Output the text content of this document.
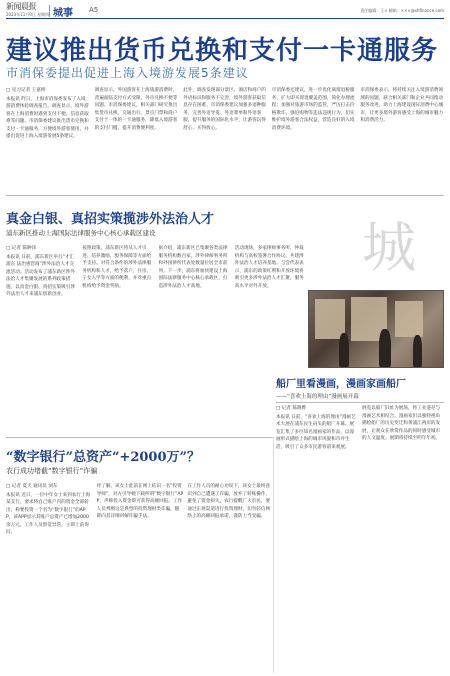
新闻晨报
2023年11月9日 星期四 城事 A5	责任编辑：王× 邮箱：×××@shfinance.com
建议推出货币兑换和支付一卡通服务
市消保委提出促进上海入境游发展5条建议
□ 见习记者 王嘉纳
本报讯 昨日，上海市消保委发布了入境游消费体验调查报告。调查显示，境外游客在上海消费时遇到支付不便、信息获取难等问题。市消保委建议推出货币兑换和支付一卡通服务，方便境外游客使用，并提出促进上海入境游发展5条建议。
调查显示，外国游客在上海旅游消费时，普遍面临支付方式受限、外币兑换不便等问题。市消保委建议，相关部门研究推出集货币兑换、交通出行、景点门票和商户支付于一体的一卡通服务，降低入境游客的支付门槛，提升消费便利度。
此外，调查发现部分景区、酒店和商户的外语标识和服务不完善，境外游客获取信息存在困难。市消保委建议加强多语种服务，完善外语导览、外语菜单和外语客服，提升服务的国际化水平，让游客玩得舒心、买得放心。
市消保委还建议，进一步优化离境退税服务，扩大即买即退覆盖范围，简化办理流程；加强对旅游市场的监管，严厉打击价格欺诈、强迫购物等违法违规行为，切实维护境外游客合法权益，营造良好的入境消费环境。
市消保委表示，将持续关注入境游消费领域的问题，联合相关部门和企业共同推动服务改进，助力上海建设国际消费中心城市，让更多境外游客感受上海的城市魅力和消费活力。
真金白银、真招实策揽涉外法治人才
浦东新区推动上海国际法律服务中心核心承载区建设
□ 记者 陈翀泽
本报讯 日前，浦东新区举行“才汇浦东 法治惠营商”涉外法治人才交流活动。活动发布了浦东新区涉外法治人才集聚发展的系列政策措施，以真金白银、真招实策吸引涉外法治人才来浦东创新创业。
按照政策，浦东新区将从人才引进、培养激励、服务保障等方面给予支持。对符合条件的涉外法律服务机构和人才，给予落户、住房、子女入学等方面的便利，并对重点机构给予资金奖励。
据介绍，浦东新区已集聚各类法律服务机构数百家，涉外律师事务所和外国律所代表处数量位居全市前列。下一步，浦东将加快建设上海国际法律服务中心核心承载区，打造涉外法治人才高地。
活动现场，多家律师事务所、仲裁机构与高校签署合作协议，共建涉外法治人才培养基地。与会代表表示，浦东的政策红利和开放环境将吸引更多涉外法治人才汇聚，服务高水平对外开放。
城
船厂里看漫画，漫画家画船厂
——“喜欢上海的理由”漫画展开幕
□ 记者 陈晓晔
本报讯 日前，“喜欢上海的理由”漫画艺术大展在浦东民生码头的船厂开幕。展览汇集了多位知名漫画家的作品，以漫画形式描绘上海的城市风貌和市井生活，吸引了众多市民游客前来观展。
展览以船厂旧址为展场，将工业遗存与漫画艺术相结合。漫画家们以独特视角描绘船厂的历史变迁和黄浦江两岸的发展，让观众在欣赏作品的同时感受城市的人文温度。展期将持续至明年年初。
“数字银行”总资产“+2000万”？
农行成功堵截“数字银行”诈骗
□ 记者 夏天 通讯员 刘东
本报讯 近日，一位中年女士来到农行上海某支行，要求将自己账户内的资金全部转出，称要投资一个名为“数字银行”的APP，该APP显示其账户总资产已增加2000余万元。工作人员察觉异常，立即上前询问。
经了解，该女士此前在网上结识一名“投资导师”，对方引导她下载所谓“数字银行”APP，声称投入资金即可获得高额回报。工作人员判断这是典型的投资理财类诈骗，随即向其详细讲解诈骗手法。
在工作人员的耐心劝说下，该女士最终意识到自己遭遇了诈骗，放弃了转账操作，避免了资金损失。农行提醒广大市民，要通过正规渠道进行投资理财，切勿轻信网络上的高额回报承诺，谨防上当受骗。
